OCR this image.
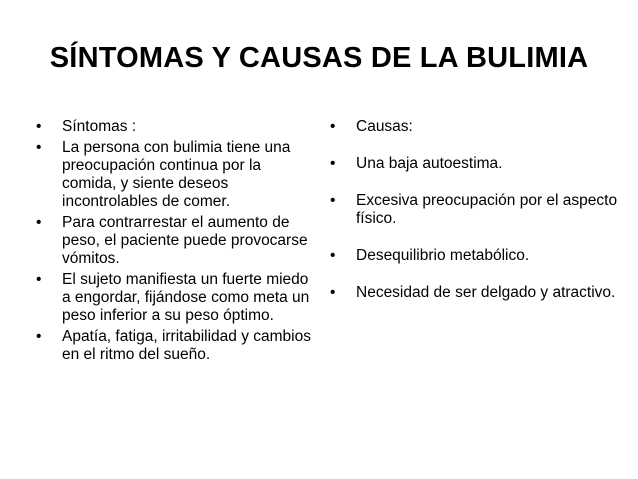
SÍNTOMAS Y CAUSAS DE LA BULIMIA
•	Síntomas :
•	La persona con bulimia tiene una preocupación continua por la comida, y siente deseos incontrolables de comer.
•	Para contrarrestar el aumento de peso, el paciente puede provocarse vómitos.
•	El sujeto manifiesta un fuerte miedo a engordar, fijándose como meta un peso inferior a su peso óptimo.
•	Apatía, fatiga, irritabilidad y cambios en el ritmo del sueño.
•	Causas:
•	Una baja autoestima.
•	Excesiva preocupación por el aspecto físico.
•	Desequilibrio metabólico.
•	Necesidad de ser delgado y atractivo.
